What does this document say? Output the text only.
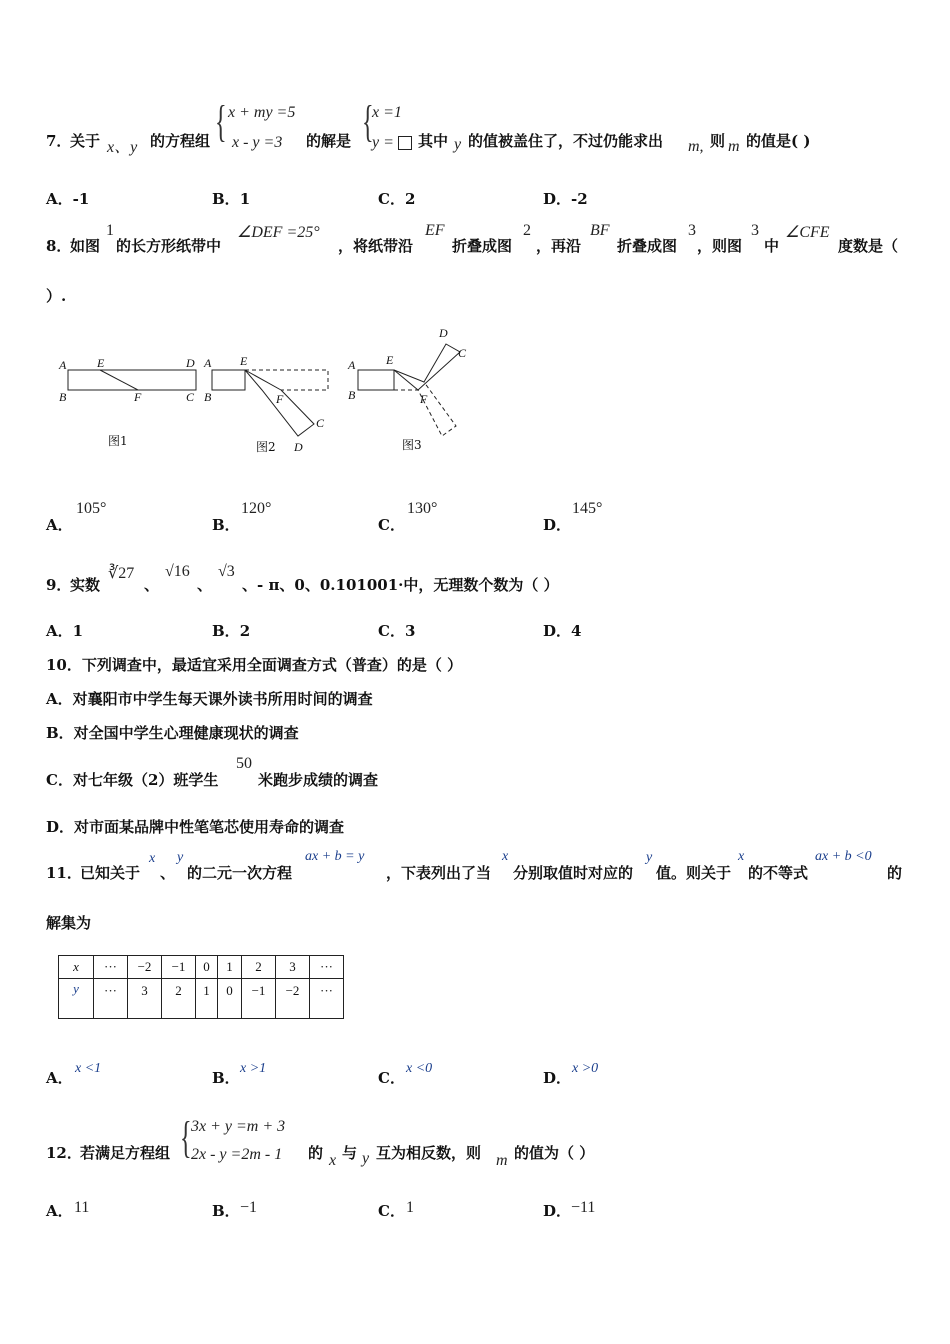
7．
关于 x、y 的方程组 { x + my =5
x - y =3 的解是 {
x =1
y = 其中 y 的值被盖住了，不过仍能求出 m, 则 m 的值是( )
A．-1	B．1	C．2	D．-2
8．
如图
1
的长方形纸带中
∠DEF =25°
，将纸带沿
EF
折叠成图
2
，再沿
BF
折叠成图
3
，则图
3
中
∠CFE
度数是（
）.
A	E	D
B	F	C
图1
A E
D
B	F
C
图2
A	E
D
C
B	F
图3
A．
105°
B．
120°
C．
130°
D．
145°
9．
实数
∛27
、
√16
、
√3
、- π、0、0.101001·中，无理数个数为（ ）
A．1	B．2	C．3	D．4
10．下列调查中，最适宜采用全面调查方式（普查）的是（ ）
A．对襄阳市中学生每天课外读书所用时间的调查
B．对全国中学生心理健康现状的调查
C．对七年级（2）班学生
50
米跑步成绩的调查
D．对市面某品牌中性笔笔芯使用寿命的调查
11．
已知关于
x
、
y
的二元一次方程
ax + b = y
，下表列出了当
x
分别取值时对应的
y
值。则关于
x
的不等式
ax + b <0
的
解集为
x	···	−2	−1	0	1	2	3	···
y	···	3	2	1	0	−1	−2	···
A．
x <1
B．
x >1
C．
x <0
D．
x >0
12．
若满足方程组 { 3x + y =m + 3
2x - y =2m - 1 的 x 与 y 互为相反数，则 m 的值为（ ）
A． 11	B． −1	C． 1	D． −11
